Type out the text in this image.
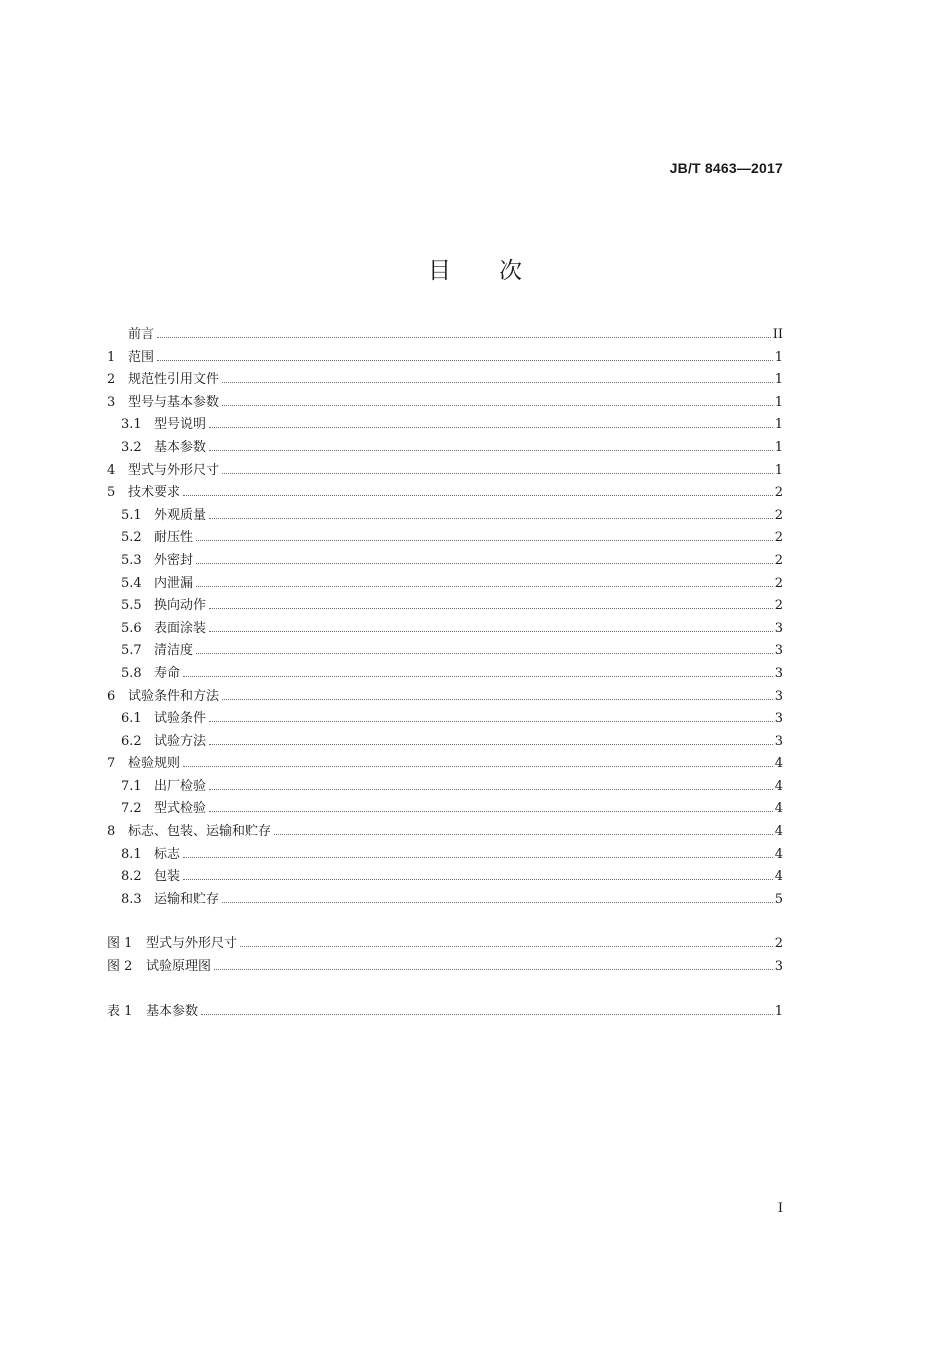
JB/T 8463—2017
目 次
前言	II
1 范围	1
2 规范性引用文件	1
3 型号与基本参数	1
3.1 型号说明	1
3.2 基本参数	1
4 型式与外形尺寸	1
5 技术要求	2
5.1 外观质量	2
5.2 耐压性	2
5.3 外密封	2
5.4 内泄漏	2
5.5 换向动作	2
5.6 表面涂装	3
5.7 清洁度	3
5.8 寿命	3
6 试验条件和方法	3
6.1 试验条件	3
6.2 试验方法	3
7 检验规则	4
7.1 出厂检验	4
7.2 型式检验	4
8 标志、包装、运输和贮存	4
8.1 标志	4
8.2 包装	4
8.3 运输和贮存	5
图 1	型式与外形尺寸	2
图 2	试验原理图	3
表 1	基本参数	1
I
